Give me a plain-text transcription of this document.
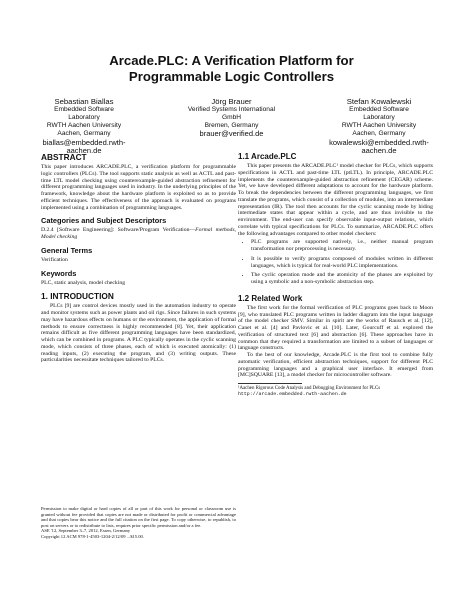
Arcade.PLC: A Verification Platform for
Programmable Logic Controllers
Sebastian Biallas
Embedded Software
Laboratory
RWTH Aachen University
Aachen, Germany
biallas@embedded.rwth-
aachen.de
Jörg Brauer
Verified Systems International
GmbH
Bremen, Germany
brauer@verified.de
Stefan Kowalewski
Embedded Software
Laboratory
RWTH Aachen University
Aachen, Germany
kowalewski@embedded.rwth-
aachen.de
ABSTRACT

This paper introduces ARCADE.PLC, a verification platform for programmable logic controllers (PLCs). The tool supports static analysis as well as ACTL and past-time LTL model checking using counterexample-guided abstraction refinement for different programming languages used in industry. In the underlying principles of the framework, knowledge about the hardware platform is exploited so as to provide efficient techniques. The effectiveness of the approach is evaluated on programs implemented using a combination of programming languages.

Categories and Subject Descriptors

D.2.4 [Software Engineering]: Software/Program Verification—Formal methods, Model checking

General Terms

Verification

Keywords

PLC, static analysis, model checking

1. INTRODUCTION

PLCs [9] are control devices mostly used in the automation industry to operate and monitor systems such as power plants and oil rigs. Since failures in such systems may have hazardous effects on humans or the environment, the application of formal methods to ensure correctness is highly recommended [8]. Yet, their application remains difficult as five different programming languages have been standardized, which can be combined in programs. A PLC typically operates in the cyclic scanning mode, which consists of three phases, each of which is executed atomically: (1) reading inputs, (2) executing the program, and (3) writing outputs. These particularities necessitate techniques tailored to PLCs.

Permission to make digital or hard copies of all or part of this work for personal or classroom use is granted without fee provided that copies are not made or distributed for profit or commercial advantage and that copies bear this notice and the full citation on the first page. To copy otherwise, to republish, to post on servers or to redistribute to lists, requires prior specific permission and/or a fee.
ASE '12, September 3–7, 2012, Essen, Germany
Copyright 12 ACM 978-1-4503-1204-2/12/09 ...$15.00.
1.1 Arcade.PLC

This paper presents the ARCADE.PLC¹ model checker for PLCs, which supports specifications in ACTL and past-time LTL (ptLTL). In principle, ARCADE.PLC implements the counterexample-guided abstraction refinement (CEGAR) scheme. Yet, we have developed different adaptations to account for the hardware platform. To break the dependencies between the different programming languages, we first translate the programs, which consist of a collection of modules, into an intermediate representation (IR). The tool then accounts for the cyclic scanning mode by hiding intermediate states that appear within a cycle, and are thus invisible to the environment. The end-user can specify observable input-output relations, which correlate with typical specifications for PLCs. To summarize, ARCADE.PLC offers the following advantages compared to other model checkers:

• PLC programs are supported natively, i.e., neither manual program transformation nor preprocessing is necessary.
• It is possible to verify programs composed of modules written in different languages, which is typical for real-world PLC implementations.
• The cyclic operation mode and the atomicity of the phases are exploited by using a symbolic and a non-symbolic abstraction step.
1.2 Related Work

The first work for the formal verification of PLC programs goes back to Moon [9], who translated PLC programs written in ladder diagram into the input language of the model checker SMV. Similar in spirit are the works of Rausch et al. [12], Canet et al. [4] and Pavlovic et al. [10]. Later, Gourcuff et al. explored the verification of structured text [6] and abstraction [6]. These approaches have in common that they required a transformation are limited to a subset of languages or language constructs.

To the best of our knowledge, Arcade.PLC is the first tool to combine fully automatic verification, efficient abstraction techniques, support for different PLC programming languages and a graphical user interface. It emerged from [MC]SQUARE [13], a model checker for microcontroller software.

¹Aachen Rigorous Code Analysis and Debugging Environment for PLCs
http://arcade.embedded.rwth-aachen.de
